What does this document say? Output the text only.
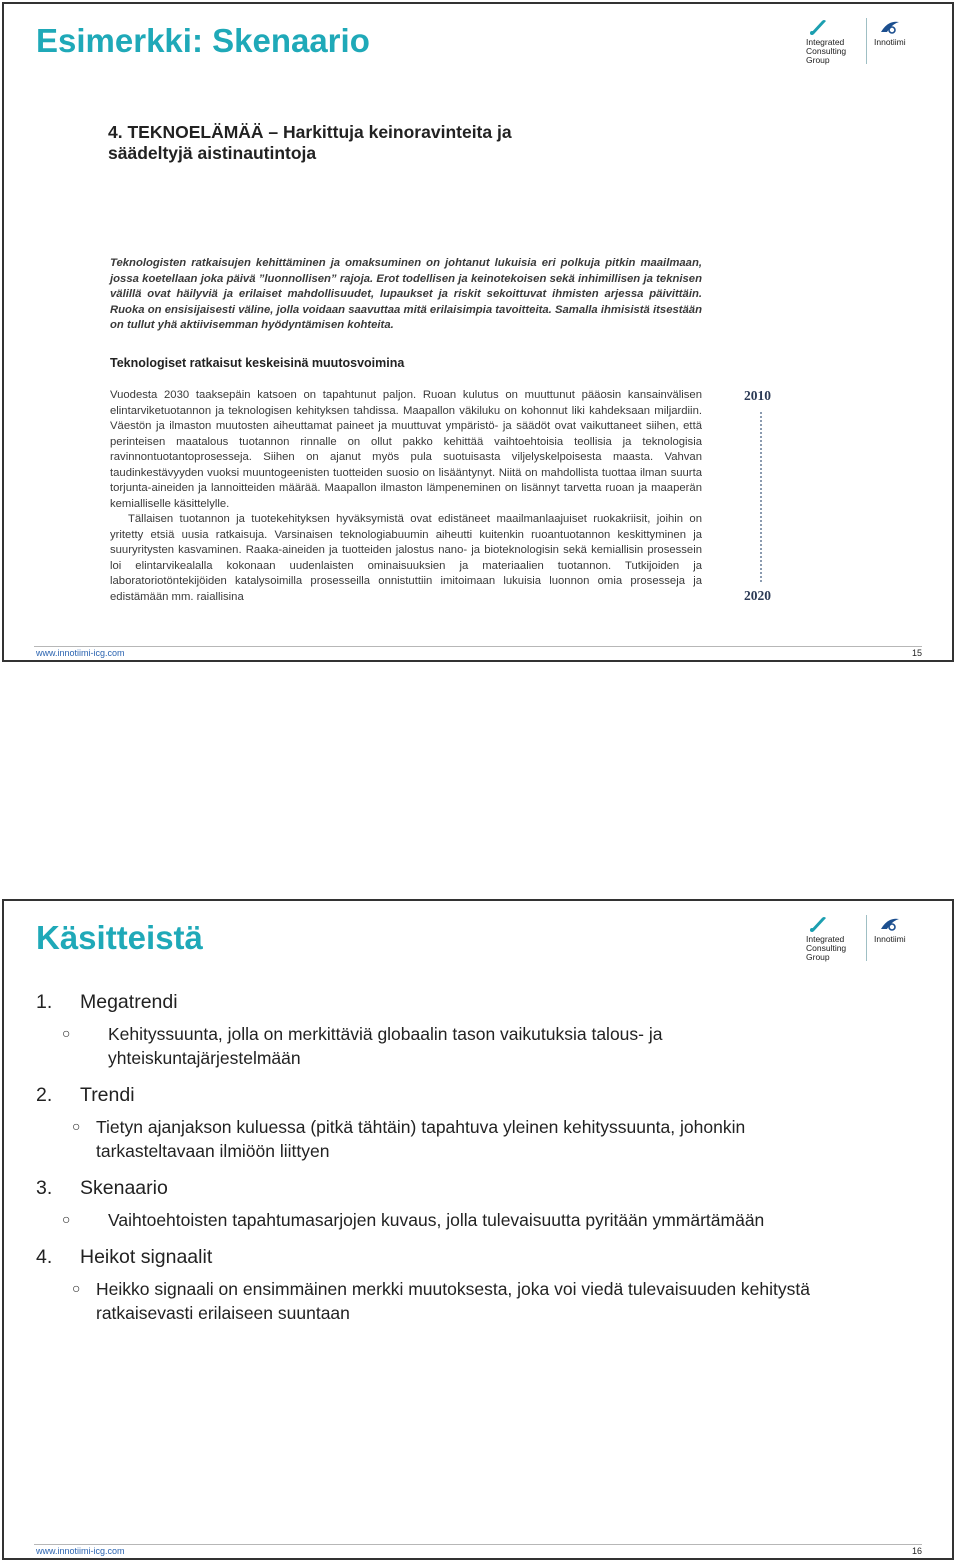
Esimerkki: Skenaario	Integrated
Consulting
Group
Innotiimi
4. TEKNOELÄMÄÄ – Harkittuja keinoravinteita ja
säädeltyjä aistinautintoja
Teknologisten ratkaisujen kehittäminen ja omaksuminen on johtanut lukuisia eri polkuja pitkin maailmaan, jossa koetellaan joka päivä ”luonnollisen” rajoja. Erot todellisen ja keinotekoisen sekä inhimillisen ja teknisen välillä ovat häilyviä ja erilaiset mahdollisuudet, lupaukset ja riskit sekoittuvat ihmisten arjessa päivittäin. Ruoka on ensisijaisesti väline, jolla voidaan saavuttaa mitä erilaisimpia tavoitteita. Samalla ihmisistä itsestään on tullut yhä aktiivisemman hyödyntämisen kohteita.
Teknologiset ratkaisut keskeisinä muutosvoimina

Vuodesta 2030 taaksepäin katsoen on tapahtunut paljon. Ruoan kulutus on muuttunut pääosin kansainvälisen elintarviketuotannon ja teknologisen kehityksen tahdissa. Maapallon väkiluku on kohonnut liki kahdeksaan miljardiin. Väestön ja ilmaston muutosten aiheuttamat paineet ja muuttuvat ympäristö- ja säädöt ovat vaikuttaneet siihen, että perinteisen maatalous tuotannon rinnalle on ollut pakko kehittää vaihtoehtoisia teollisia ja teknologisia ravinnontuotantoprosesseja. Siihen on ajanut myös pula suotuisasta viljelyskelpoisesta maasta. Vahvan taudinkestävyyden vuoksi muuntogeenisten tuotteiden suosio on lisääntynyt. Niitä on mahdollista tuottaa ilman suurta torjunta-aineiden ja lannoitteiden määrää. Maapallon ilmaston lämpeneminen on lisännyt tarvetta ruoan ja maaperän kemialliselle käsittelylle.

Tällaisen tuotannon ja tuotekehityksen hyväksymistä ovat edistäneet maailmanlaajuiset ruokakriisit, joihin on yritetty etsiä uusia ratkaisuja. Varsinaisen teknologiabuumin aiheutti kuitenkin ruoantuotannon keskittyminen ja suuryritysten kasvaminen. Raaka-aineiden ja tuotteiden jalostus nano- ja bioteknologisin sekä kemiallisin prosessein loi elintarvikealalla kokonaan uudenlaisten ominaisuuksien ja materiaalien tuotannon. Tutkijoiden ja laboratoriotöntekijöiden katalysoimilla prosesseilla onnistuttiin imitoimaan lukuisia luonnon omia prosesseja ja edistämään mm. raiallisina

2010
2020
www.innotiimi-icg.com	15
Käsitteistä	Integrated
Consulting
Group
Innotiimi
1. Megatrendi
○ Kehityssuunta, jolla on merkittäviä globaalin tason vaikutuksia talous- ja
yhteiskuntajärjestelmään
2. Trendi
○ Tietyn ajanjakson kuluessa (pitkä tähtäin) tapahtuva yleinen kehityssuunta, johonkin
tarkasteltavaan ilmiöön liittyen
3. Skenaario
○ Vaihtoehtoisten tapahtumasarjojen kuvaus, jolla tulevaisuutta pyritään ymmärtämään
4. Heikot signaalit
○ Heikko signaali on ensimmäinen merkki muutoksesta, joka voi viedä tulevaisuuden kehitystä
ratkaisevasti erilaiseen suuntaan
www.innotiimi-icg.com	16
